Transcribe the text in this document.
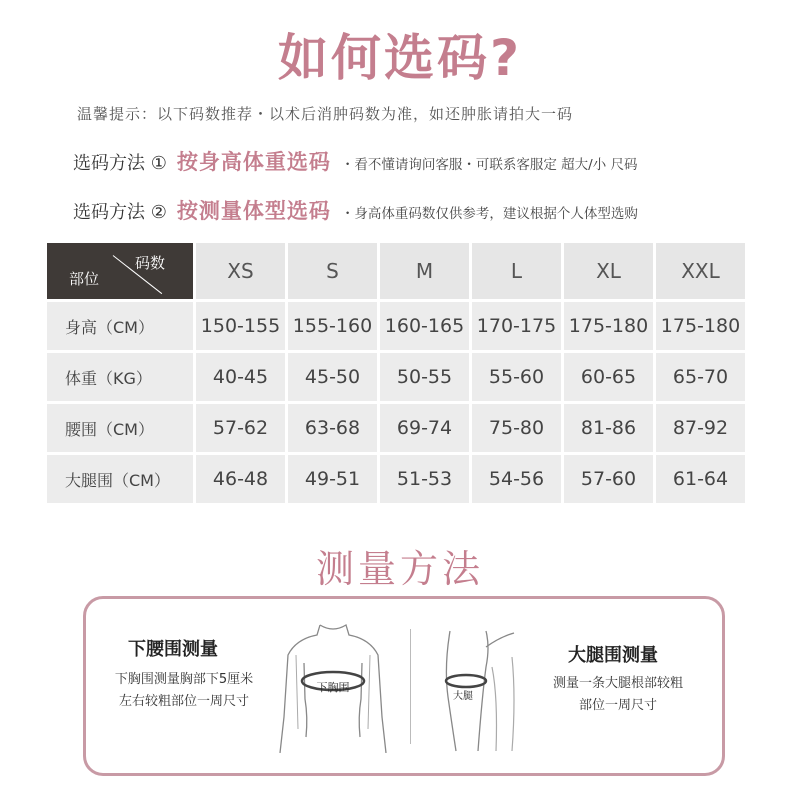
如何选码?
温馨提示：以下码数推荐・以术后消肿码数为准，如还肿胀请拍大一码
选码方法 ① 按身高体重选码 ・看不懂请询问客服・可联系客服定 超大/小 尺码
选码方法 ② 按测量体型选码 ・身高体重码数仅供参考，建议根据个人体型选购
部位
码数	XS	S	M	L	XL	XXL
身高（CM）	150-155	155-160	160-165	170-175	175-180	175-180
体重（KG）	40-45	45-50	50-55	55-60	60-65	65-70
腰围（CM）	57-62	63-68	69-74	75-80	81-86	87-92
大腿围（CM）	46-48	49-51	51-53	54-56	57-60	61-64
测量方法
下腰围测量
下胸围测量胸部下5厘米
左右较粗部位一周尺寸
下胸围
大腿
大腿围测量
测量一条大腿根部较粗
部位一周尺寸
